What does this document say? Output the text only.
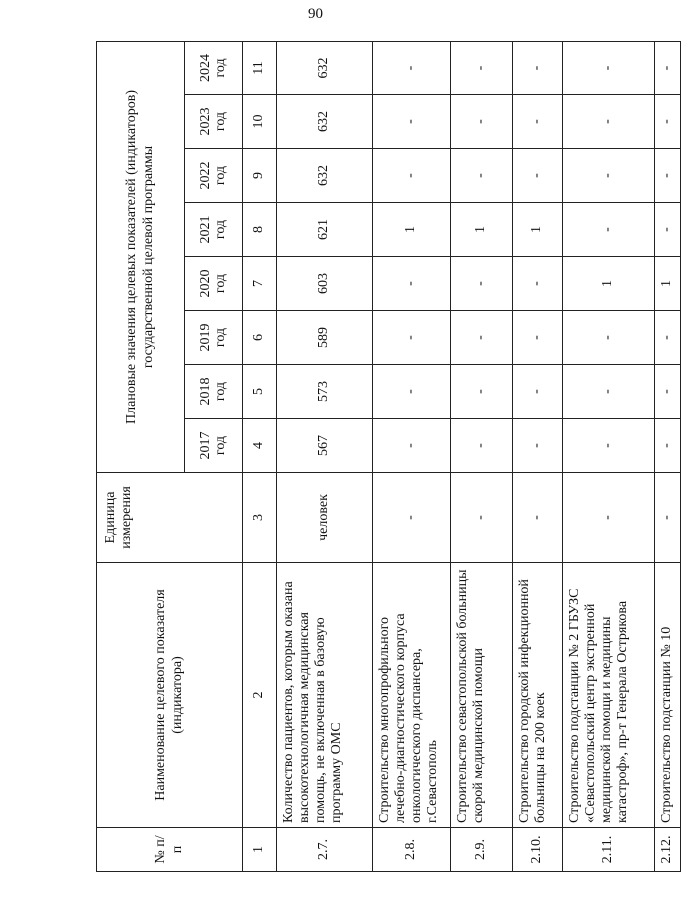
90
№ п/п	Наименование целевого показателя (индикатора)	Единица измерения	Плановые значения целевых показателей (индикаторов) государственной целевой программы							
			2017 год	2018 год	2019 год	2020 год	2021 год	2022 год	2023 год	2024 год
1	2	3	4	5	6	7	8	9	10	11
2.7.	Количество пациентов, которым оказана высокотехнологичная медицинская помощь, не включенная в базовую программу ОМС	человек	567	573	589	603	621	632	632	632
2.8.	Строительство многопрофильного лечебно-диагностического корпуса онкологического диспансера, г.Севастополь	-	-	-	-	-	1	-	-	-
2.9.	Строительство севастопольской больницы скорой медицинской помощи	-	-	-	-	-	1	-	-	-
2.10.	Строительство городской инфекционной больницы на 200 коек	-	-	-	-	-	1	-	-	-
2.11.	Строительство подстанции № 2 ГБУЗС «Севастопольский центр экстренной медицинской помощи и медицины катастроф», пр-т Генерала Острякова	-	-	-	-	1	-	-	-	-
2.12.	Строительство подстанции № 10	-	-	-	-	1	-	-	-	-
